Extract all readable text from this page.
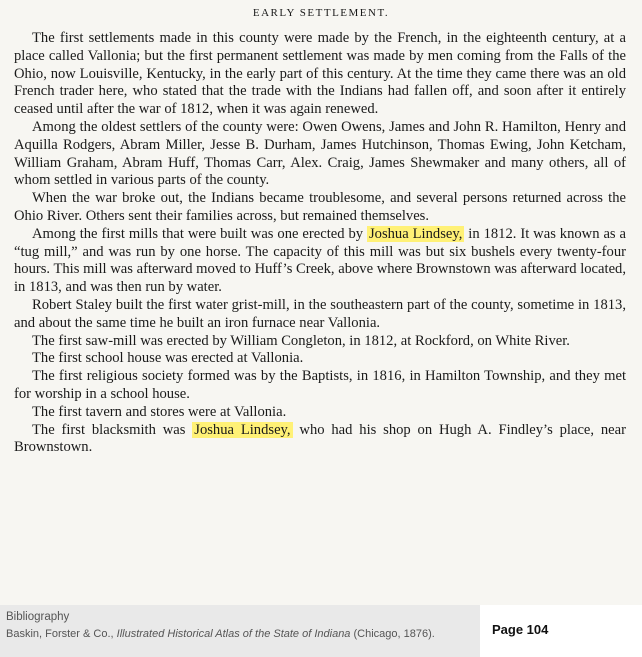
EARLY SETTLEMENT.

The first settlements made in this county were made by the French, in the eighteenth century, at a place called Vallonia; but the first permanent settlement was made by men coming from the Falls of the Ohio, now Louisville, Kentucky, in the early part of this century. At the time they came there was an old French trader here, who stated that the trade with the Indians had fallen off, and soon after it entirely ceased until after the war of 1812, when it was again renewed.

Among the oldest settlers of the county were: Owen Owens, James and John R. Hamilton, Henry and Aquilla Rodgers, Abram Miller, Jesse B. Durham, James Hutchinson, Thomas Ewing, John Ketcham, William Graham, Abram Huff, Thomas Carr, Alex. Craig, James Shewmaker and many others, all of whom settled in various parts of the county.

When the war broke out, the Indians became troublesome, and several persons returned across the Ohio River. Others sent their families across, but remained themselves.

Among the first mills that were built was one erected by Joshua Lindsey, in 1812. It was known as a “tug mill,” and was run by one horse. The capacity of this mill was but six bushels every twenty-four hours. This mill was afterward moved to Huff’s Creek, above where Brownstown was afterward located, in 1813, and was then run by water.

Robert Staley built the first water grist-mill, in the southeastern part of the county, sometime in 1813, and about the same time he built an iron furnace near Vallonia.

The first saw-mill was erected by William Congleton, in 1812, at Rockford, on White River.

The first school house was erected at Vallonia.

The first religious society formed was by the Baptists, in 1816, in Hamilton Township, and they met for worship in a school house.

The first tavern and stores were at Vallonia.

The first blacksmith was Joshua Lindsey, who had his shop on Hugh A. Findley’s place, near Brownstown.

Bibliography
Baskin, Forster & Co., Illustrated Historical Atlas of the State of Indiana (Chicago, 1876).	Page 104
